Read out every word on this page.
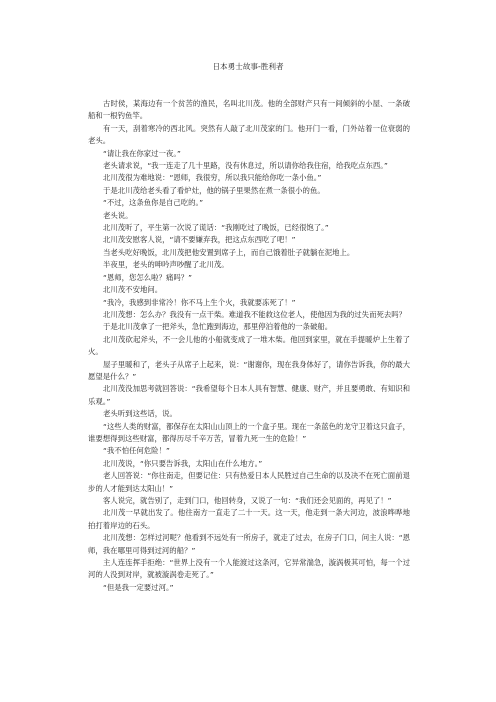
日本勇士故事-胜利者

古时侯，某海边有一个贫苦的渔民，名叫北川茂。他的全部财产只有一间倾斜的小屋、一条破船和一根钓鱼竿。

有一天，刮着寒冷的西北风。突然有人敲了北川茂家的门。他开门一看，门外站着一位衰弱的老头。

“请让我在你家过一夜。”

老头请求说，“我一连走了几十里路，没有休息过，所以请你给我住宿，给我吃点东西。”

北川茂很为难地说：“恩师，我很穷，所以我只能给你吃一条小鱼。”

于是北川茂给老头看了看炉灶，他的锅子里果然在煮一条很小的鱼。

“不过，这条鱼你是自己吃的。”

老头说。

北川茂听了，平生第一次说了谎话：“我刚吃过了晚饭，已经很饱了。”

北川茂安慰客人说，“请不要嫌弃我，把这点东西吃了吧！”

当老头吃好晚饭，北川茂把他安置到席子上，而自己饿着肚子就躺在泥地上。

半夜里，老头的呻吟声吵醒了北川茂。

“恩师，您怎么啦？痛吗？”

北川茂不安地问。

“我冷，我感到非常冷！你不马上生个火，我就要冻死了！”

北川茂想：怎么办？我没有一点干柴。难道我不能救这位老人，使他因为我的过失而死去吗？

于是北川茂拿了一把斧头，急忙跑到海边，那里停泊着他的一条破船。

北川茂砍起斧头，不一会儿他的小船就变成了一堆木柴。他回到家里，就在手提暖炉上生着了火。

屋子里暖和了，老头子从席子上起来，说：“谢谢你，现在我身体好了，请你告诉我，你的最大愿望是什么？”

北川茂没加思考就回答说：“我希望每个日本人具有智慧、健康、财产，并且要勇敢、有知识和乐观。”

老头听到这些话，说。

“这些人类的财富，都保存在太阳山山顶上的一个盒子里。现在一条蓝色的龙守卫着这只盒子，谁要想得到这些财富，都得历尽千辛万苦，冒着九死一生的危险！”

“我不怕任何危险！”

北川茂说，“你只要告诉我，太阳山在什么地方。”

老人回答说：“你往南走，但要记住：只有热爱日本人民胜过自己生命的以及决不在死亡面前退步的人才能到达太阳山！”

客人说完，就告别了，走到门口，他回转身，又说了一句：“我们还会见面的，再见了！”

北川茂一早就出发了。他往南方一直走了二十一天。这一天，他走到一条大河边，波浪哗哗地拍打着岸边的石头。

北川茂想：怎样过河呢？他看到不远处有一所房子，就走了过去，在房子门口，问主人说：“恩师，我在哪里可得到过河的船？”

主人连连挥手拒绝：“世界上没有一个人能渡过这条河，它异常湍急，漩涡极其可怕，每一个过河的人没到对岸，就被漩涡卷走死了。”

“但是我一定要过河。”
